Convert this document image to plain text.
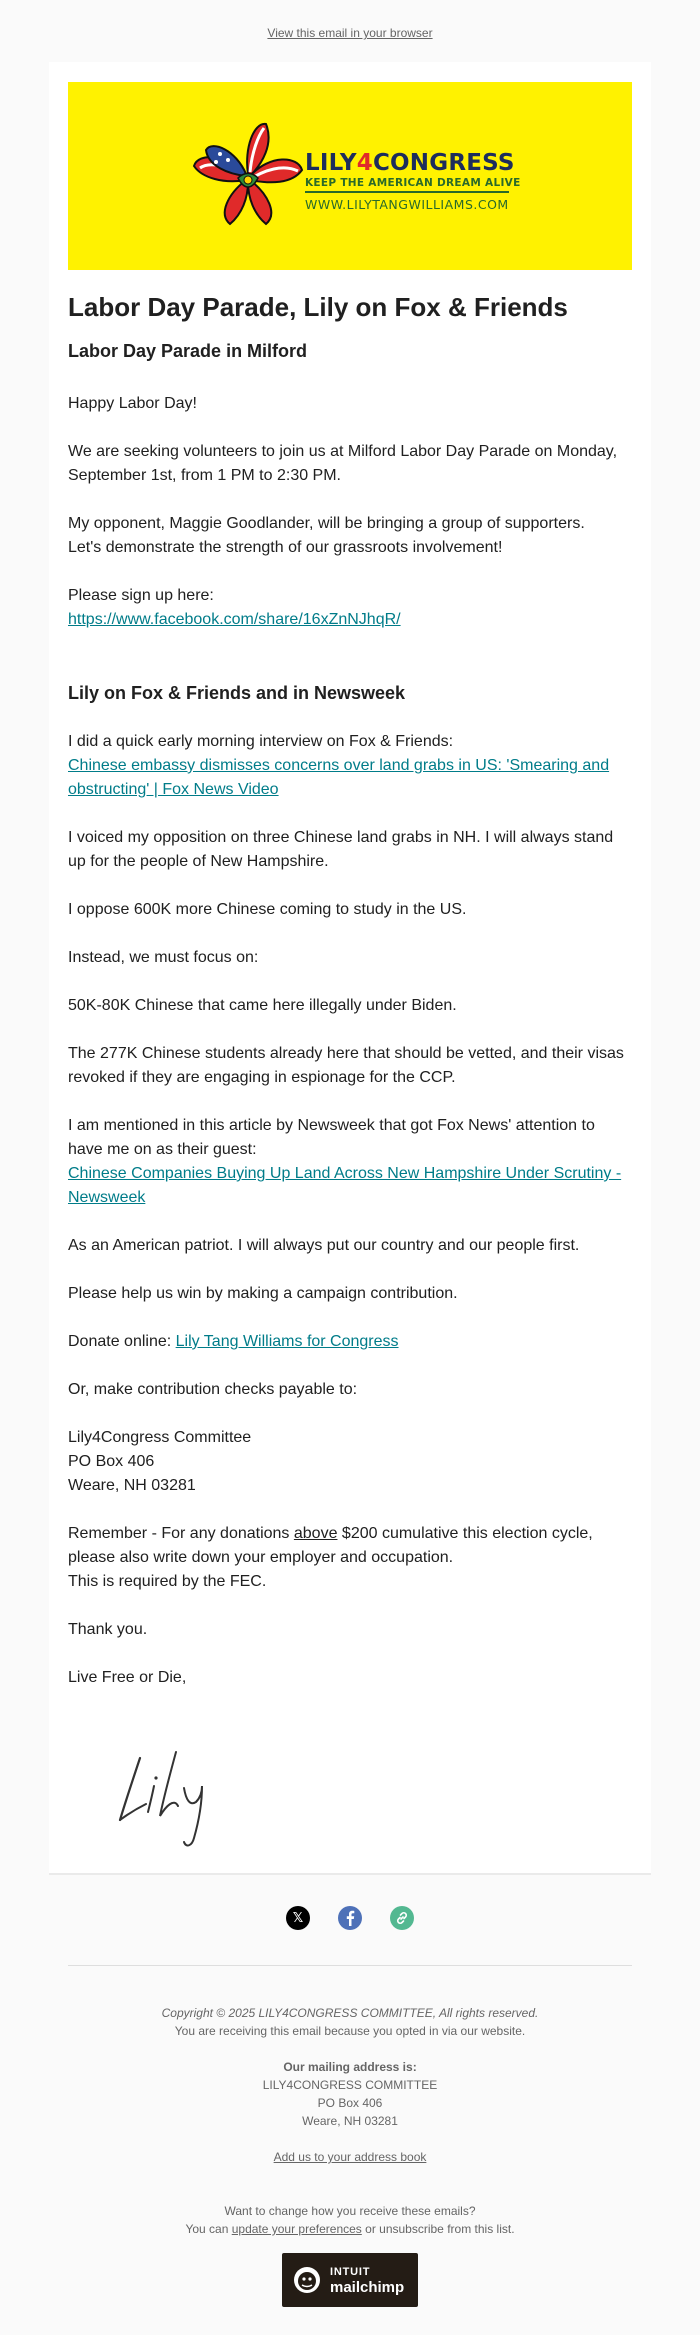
View this email in your browser
LILY4CONGRESS
KEEP THE AMERICAN DREAM ALIVE
WWW.LILYTANGWILLIAMS.COM
Labor Day Parade, Lily on Fox & Friends
Labor Day Parade in Milford

Happy Labor Day!

We are seeking volunteers to join us at Milford Labor Day Parade on Monday, September 1st, from 1 PM to 2:30 PM.

My opponent, Maggie Goodlander, will be bringing a group of supporters.
Let's demonstrate the strength of our grassroots involvement!

Please sign up here:
https://www.facebook.com/share/16xZnNJhqR/

Lily on Fox & Friends and in Newsweek

I did a quick early morning interview on Fox & Friends:
Chinese embassy dismisses concerns over land grabs in US: 'Smearing and obstructing' | Fox News Video

I voiced my opposition on three Chinese land grabs in NH. I will always stand up for the people of New Hampshire.

I oppose 600K more Chinese coming to study in the US.

Instead, we must focus on:

50K-80K Chinese that came here illegally under Biden.

The 277K Chinese students already here that should be vetted, and their visas revoked if they are engaging in espionage for the CCP.

I am mentioned in this article by Newsweek that got Fox News' attention to have me on as their guest:
Chinese Companies Buying Up Land Across New Hampshire Under Scrutiny - Newsweek

As an American patriot. I will always put our country and our people first.

Please help us win by making a campaign contribution.

Donate online: Lily Tang Williams for Congress

Or, make contribution checks payable to:

Lily4Congress Committee
PO Box 406
Weare, NH 03281

Remember - For any donations above $200 cumulative this election cycle, please also write down your employer and occupation.
This is required by the FEC.

Thank you.

Live Free or Die,

𝕏
Copyright © 2025 LILY4CONGRESS COMMITTEE, All rights reserved.
You are receiving this email because you opted in via our website.
Our mailing address is:
LILY4CONGRESS COMMITTEE
PO Box 406
Weare, NH 03281
Add us to your address book
Want to change how you receive these emails?
You can update your preferences or unsubscribe from this list.
INTUIT
mailchimp
